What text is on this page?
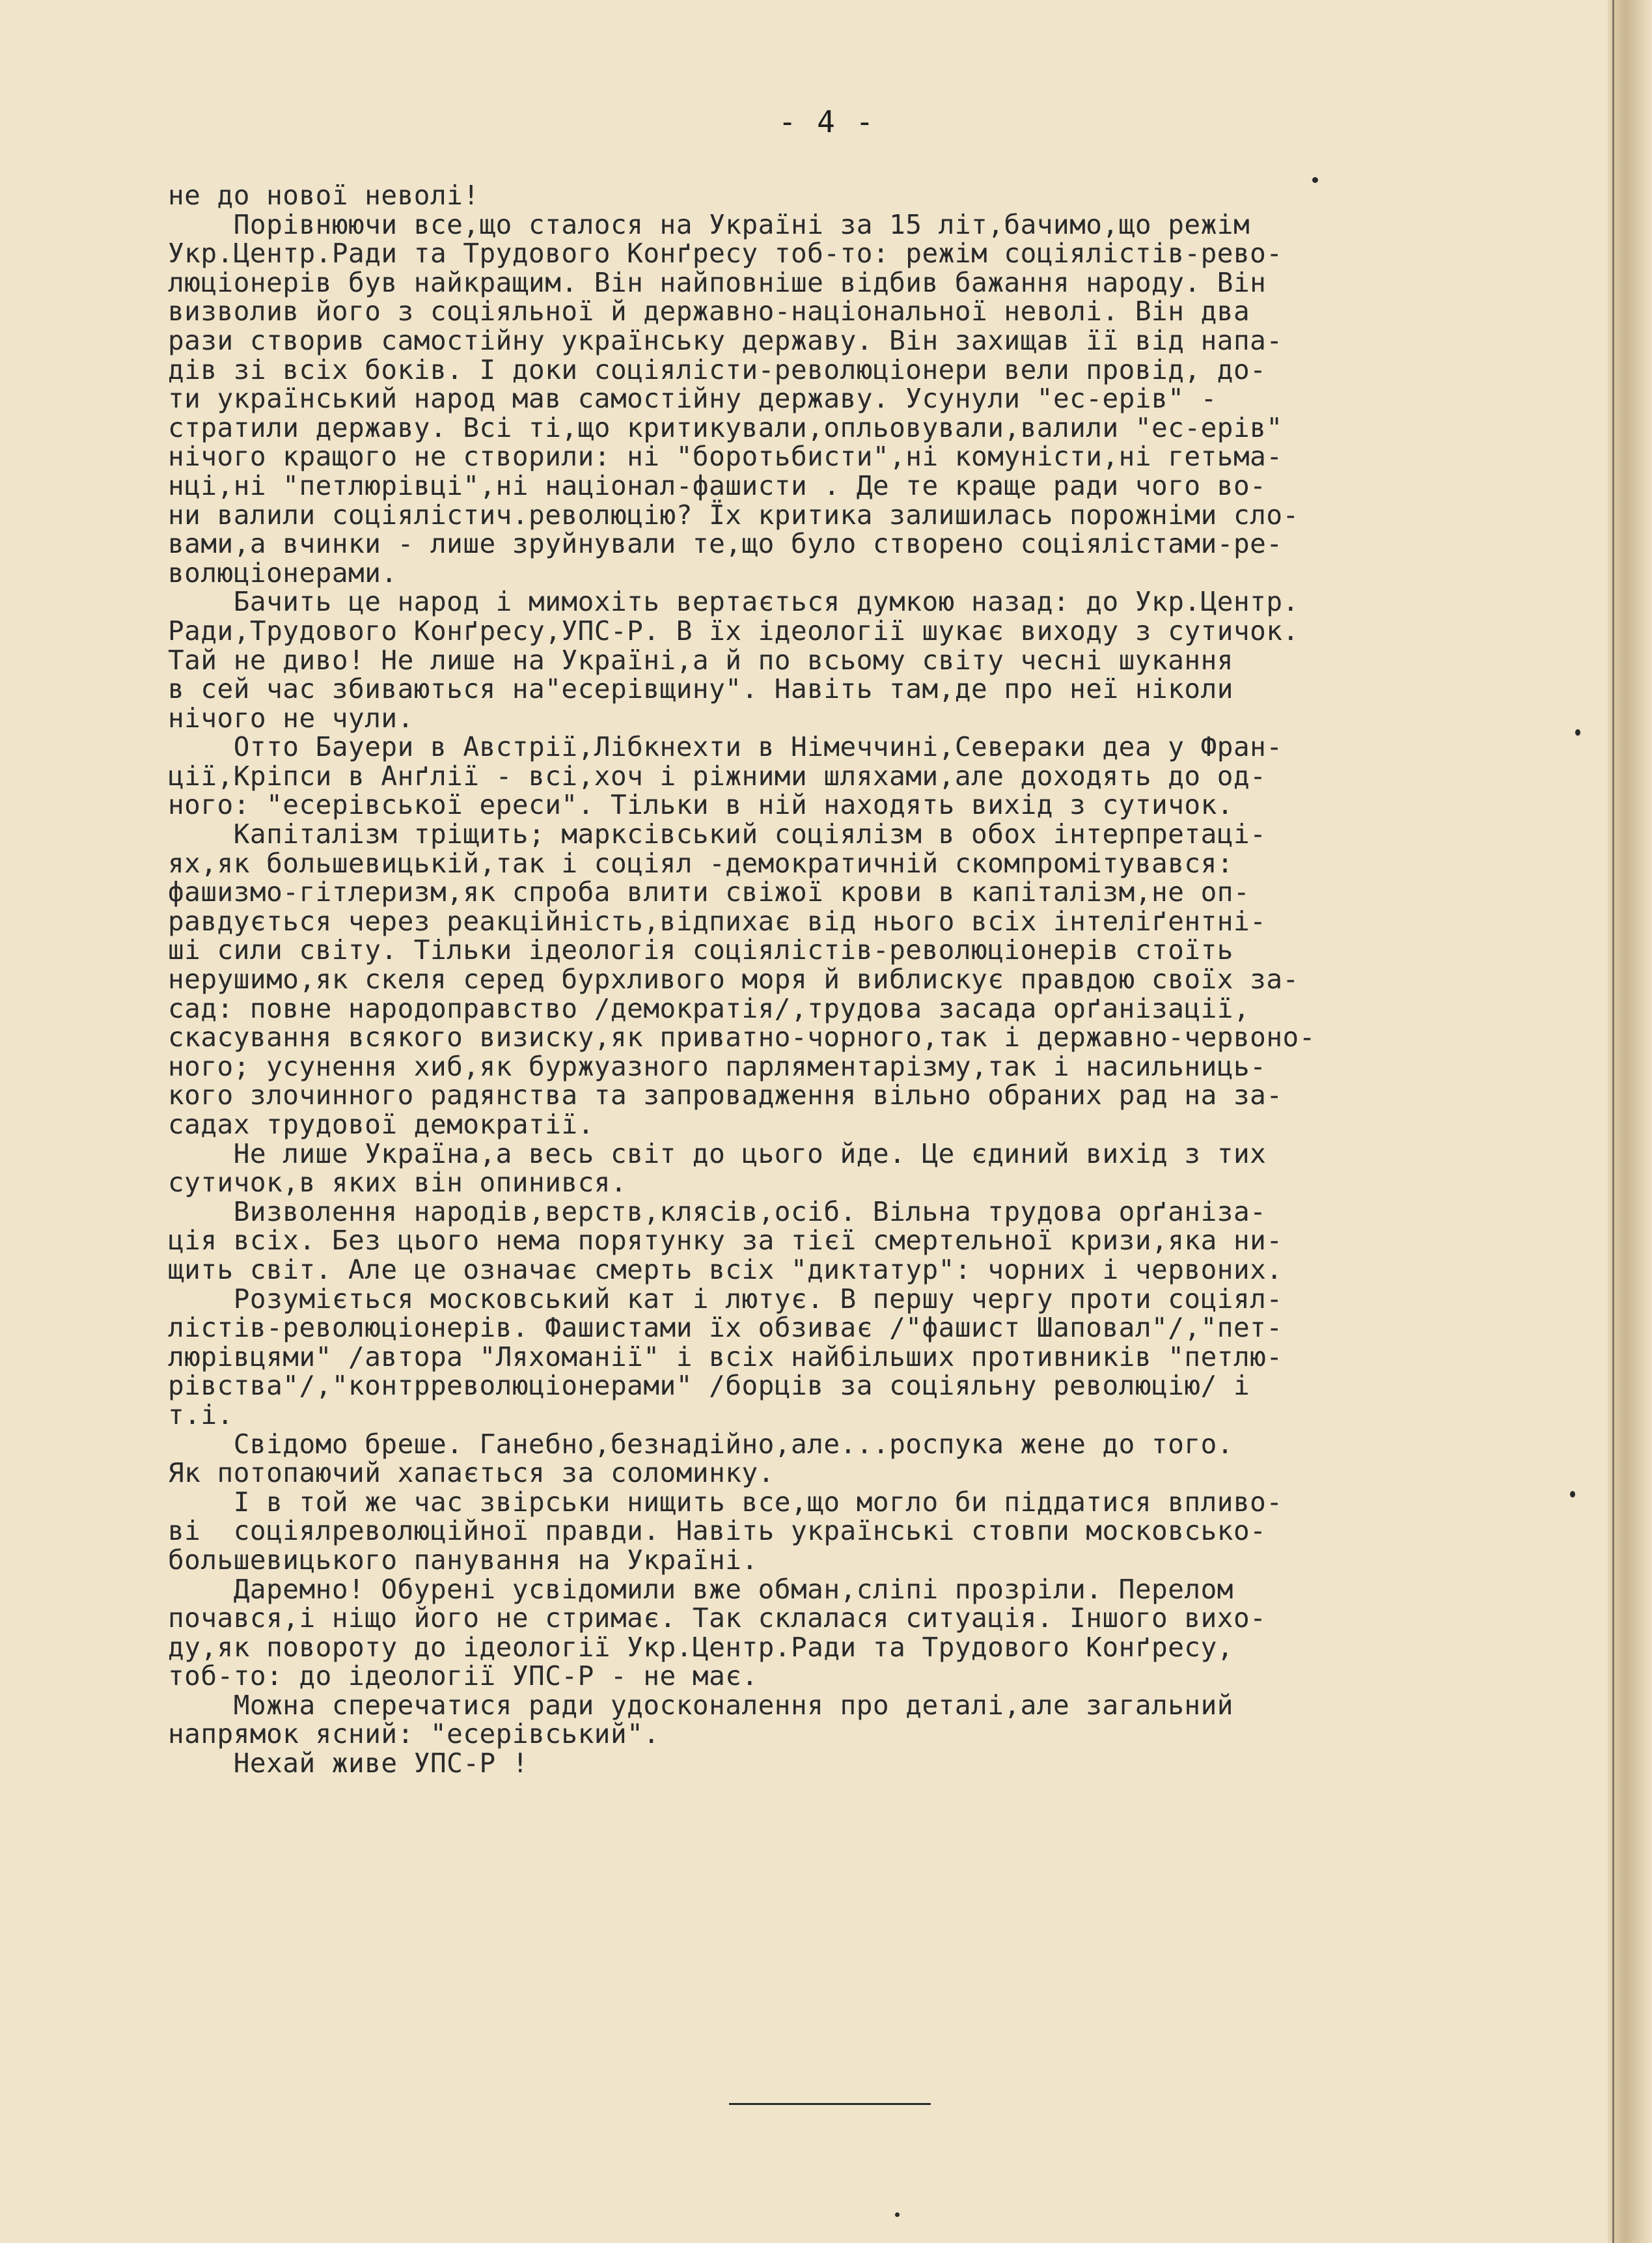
- 4 -
не до нової неволі!
Порівнюючи все,що сталося на Україні за 15 літ,бачимо,що режім
Укр.Центр.Ради та Трудового Конґресу тоб-то: режім соціялістів-рево-
люціонерів був найкращим. Він найповніше відбив бажання народу. Він
визволив його з соціяльної й державно-національної неволі. Він два
рази створив самостійну українську державу. Він захищав її від напа-
дів зі всіх боків. І доки соціялісти-революціонери вели провід, до-
ти український народ мав самостійну державу. Усунули "ес-ерів" -
стратили державу. Всі ті,що критикували,опльовували,валили "ес-ерів"
нічого кращого не створили: ні "боротьбисти",ні комуністи,ні гетьма-
нці,ні "петлюрівці",ні націонал-фашисти . Де те краще ради чого во-
ни валили соціялістич.революцію? Їх критика залишилась порожніми сло-
вами,а вчинки - лише зруйнували те,що було створено соціялістами-ре-
волюціонерами.
Бачить це народ і мимохіть вертається думкою назад: до Укр.Центр.
Ради,Трудового Конґресу,УПС-Р. В їх ідеології шукає виходу з сутичок.
Тай не диво! Не лише на Україні,а й по всьому світу чесні шукання
в сей час збиваються на"есерівщину". Навіть там,де про неї ніколи
нічого не чули.
Отто Бауери в Австрії,Лібкнехти в Німеччині,Севераки деа у Фран-
ції,Кріпси в Анґлії - всі,хоч і ріжними шляхами,але доходять до од-
ного: "есерівської ереси". Тільки в ній находять вихід з сутичок.
Капіталізм тріщить; марксівський соціялізм в обох інтерпретаці-
ях,як большевицькій,так і соціял -демократичній скомпромітувався:
фашизмо-гітлеризм,як спроба влити свіжої крови в капіталізм,не оп-
равдується через реакційність,відпихає від нього всіх інтеліґентні-
ші сили світу. Тільки ідеологія соціялістів-революціонерів стоїть
нерушимо,як скеля серед бурхливого моря й виблискує правдою своїх за-
сад: повне народоправство /демократія/,трудова засада орґанізації,
скасування всякого визиску,як приватно-чорного,так і державно-червоно-
ного; усунення хиб,як буржуазного парляментарізму,так і насильниць-
кого злочинного радянства та запровадження вільно обраних рад на за-
садах трудової демократії.
Не лише Україна,а весь світ до цього йде. Це єдиний вихід з тих
сутичок,в яких він опинився.
Визволення народів,верств,клясів,осіб. Вільна трудова орґаніза-
ція всіх. Без цього нема порятунку за тієї смертельної кризи,яка ни-
щить світ. Але це означає смерть всіх "диктатур": чорних і червоних.
Розуміється московський кат і лютує. В першу чергу проти соціял-
лістів-революціонерів. Фашистами їх обзиває /"фашист Шаповал"/,"пет-
люрівцями" /автора "Ляхоманії" і всіх найбільших противників "петлю-
рівства"/,"контрреволюціонерами" /борців за соціяльну революцію/ і
т.і.
Свідомо бреше. Ганебно,безнадійно,але...роспука жене до того.
Як потопаючий хапається за соломинку.
І в той же час звірськи нищить все,що могло би піддатися впливо-
ві  соціялреволюційної правди. Навіть українські стовпи московсько-
большевицького панування на Україні.
Даремно! Обурені усвідомили вже обман,сліпі прозріли. Перелом
почався,і ніщо його не стримає. Так склалася ситуація. Іншого вихо-
ду,як повороту до ідеології Укр.Центр.Ради та Трудового Конґресу,
тоб-то: до ідеології УПС-Р - не має.
Можна сперечатися ради удосконалення про деталі,але загальний
напрямок ясний: "есерівський".
Нехай живе УПС-Р !
